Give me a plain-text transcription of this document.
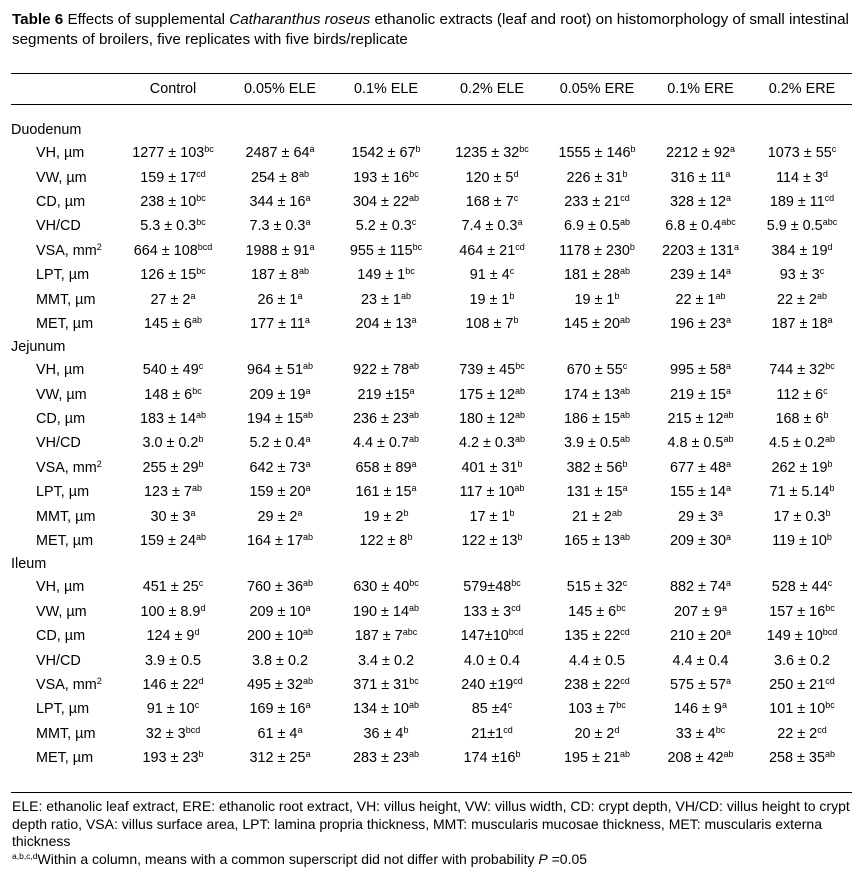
Table 6 Effects of supplemental Catharanthus roseus ethanolic extracts (leaf and root) on histomorphology of small intestinal segments of broilers, five replicates with five birds/replicate
	Control	0.05% ELE	0.1% ELE	0.2% ELE	0.05% ERE	0.1% ERE	0.2% ERE

Duodenum							
VH, µm	$1277 \pm 103^{bc}$	$2487 \pm 64^a$	$1542 \pm 67^b$	$1235 \pm 32^{bc}$	$1555 \pm 146^b$	$2212 \pm 92^a$	$1073 \pm 55^c$
VW, µm	$159 \pm 17^{cd}$	$254 \pm 8^{ab}$	$193 \pm 16^{bc}$	$120 \pm 5^d$	$226 \pm 31^b$	$316 \pm 11^a$	$114 \pm 3^d$
CD, µm	$238 \pm 10^{bc}$	$344 \pm 16^a$	$304 \pm 22^{ab}$	$168 \pm 7^c$	$233 \pm 21^{cd}$	$328 \pm 12^a$	$189 \pm 11^{cd}$
VH/CD	5.3 ± 0.3$^{bc}$	7.3 ± 0.3$^a$	5.2 ± 0.3$^c$	7.4 ± 0.3$^a$	6.9 ± 0.5$^{ab}$	6.8 ± 0.4$^{abc}$	5.9 ± 0.5$^{abc}$
VSA, $mm^2$	$664 \pm 108^{bcd}$	$1988 \pm 91^a$	$955 \pm 115^{bc}$	$464 \pm 21^{cd}$	$1178 \pm 230^b$	$2203 \pm 131^a$	$384 \pm 19^d$
LPT, µm	$126 \pm 15^{bc}$	$187 \pm 8^{ab}$	$149 \pm 1^{bc}$	$91 \pm 4^c$	$181 \pm 28^{ab}$	$239 \pm 14^a$	$93 \pm 3^c$
MMT, µm	$27 \pm 2^a$	$26 \pm 1^a$	$23 \pm 1^{ab}$	$19 \pm 1^b$	$19 \pm 1^b$	$22 \pm 1^{ab}$	$22 \pm 2^{ab}$
MET, µm	$145 \pm 6^{ab}$	$177 \pm 11^a$	$204 \pm 13^a$	$108 \pm 7^b$	$145 \pm 20^{ab}$	$196 \pm 23^a$	$187 \pm 18^a$
Jejunum							
VH, µm	$540 \pm 49^c$	$964 \pm 51^{ab}$	$922 \pm 78^{ab}$	$739 \pm 45^{bc}$	$670 \pm 55^c$	$995 \pm 58^a$	$744 \pm 32^{bc}$
VW, µm	$148 \pm 6^{bc}$	$209 \pm 19^a$	$219 \pm 15^a$	$175 \pm 12^{ab}$	$174 \pm 13^{ab}$	$219 \pm 15^a$	$112 \pm 6^c$
CD, µm	$183 \pm 14^{ab}$	$194 \pm 15^{ab}$	$236 \pm 23^{ab}$	$180 \pm 12^{ab}$	$186 \pm 15^{ab}$	$215 \pm 12^{ab}$	$168 \pm 6^b$
VH/CD	3.0 ± 0.2$^b$	5.2 ± 0.4$^a$	4.4 ± 0.7$^{ab}$	4.2 ± 0.3$^{ab}$	3.9 ± 0.5$^{ab}$	4.8 ± 0.5$^{ab}$	4.5 ± 0.2$^{ab}$
VSA, $mm^2$	$255 \pm 29^b$	$642 \pm 73^a$	$658 \pm 89^a$	$401 \pm 31^b$	$382 \pm 56^b$	$677 \pm 48^a$	$262 \pm 19^b$
LPT, µm	$123 \pm 7^{ab}$	$159 \pm 20^a$	$161 \pm 15^a$	$117 \pm 10^{ab}$	$131 \pm 15^a$	$155 \pm 14^a$	71 ± 5.14$^b$
MMT, µm	$30 \pm 3^a$	$29 \pm 2^a$	$19 \pm 2^b$	$17 \pm 1^b$	$21 \pm 2^{ab}$	$29 \pm 3^a$	17 ± 0.3$^b$
MET, µm	$159 \pm 24^{ab}$	$164 \pm 17^{ab}$	$122 \pm 8^b$	$122 \pm 13^b$	$165 \pm 13^{ab}$	$209 \pm 30^a$	$119 \pm 10^b$
Ileum							
VH, µm	$451 \pm 25^c$	$760 \pm 36^{ab}$	$630 \pm 40^{bc}$	$579\pm 48^{bc}$	$515 \pm 32^c$	$882 \pm 74^a$	$528 \pm 44^c$
VW, µm	100 ± 8.9$^d$	$209 \pm 10^a$	$190 \pm 14^{ab}$	$133 \pm 3^{cd}$	$145 \pm 6^{bc}$	$207 \pm 9^a$	$157 \pm 16^{bc}$
CD, µm	$124 \pm 9^d$	$200 \pm 10^{ab}$	$187 \pm 7^{abc}$	$147\pm 10^{bcd}$	$135 \pm 22^{cd}$	$210 \pm 20^a$	$149 \pm 10^{bcd}$
VH/CD	3.9 ± 0.5	3.8 ± 0.2	3.4 ± 0.2	4.0 ± 0.4	4.4 ± 0.5	4.4 ± 0.4	3.6 ± 0.2
VSA, $mm^2$	$146 \pm 22^d$	$495 \pm 32^{ab}$	$371 \pm 31^{bc}$	$240 \pm 19^{cd}$	$238 \pm 22^{cd}$	$575 \pm 57^a$	$250 \pm 21^{cd}$
LPT, µm	$91 \pm 10^c$	$169 \pm 16^a$	$134 \pm 10^{ab}$	$85 \pm 4^c$	$103 \pm 7^{bc}$	$146 \pm 9^a$	$101 \pm 10^{bc}$
MMT, µm	$32 \pm 3^{bcd}$	$61 \pm 4^a$	$36 \pm 4^b$	$21\pm 1^{cd}$	$20 \pm 2^d$	$33 \pm 4^{bc}$	$22 \pm 2^{cd}$
MET, µm	$193 \pm 23^b$	$312 \pm 25^a$	$283 \pm 23^{ab}$	$174 \pm 16^b$	$195 \pm 21^{ab}$	$208 \pm 42^{ab}$	$258 \pm 35^{ab}$
ELE: ethanolic leaf extract, ERE: ethanolic root extract, VH: villus height, VW: villus width, CD: crypt depth, VH/CD: villus height to crypt depth ratio, VSA: villus surface area, LPT: lamina propria thickness, MMT: muscularis mucosae thickness, MET: muscularis externa thickness
$^{a,b,c,d}$Within a column, means with a common superscript did not differ with probability P =0.05
